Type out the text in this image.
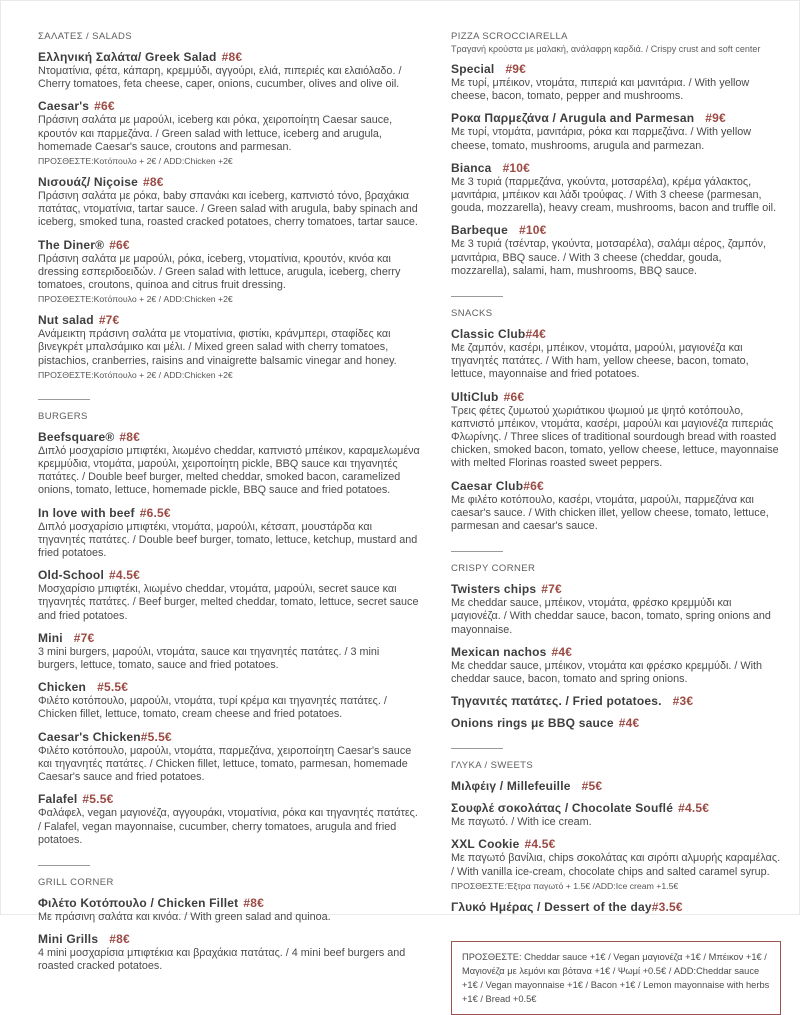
ΣΑΛΑΤΕΣ / SALADS
Ελληνική Σαλάτα/ Greek Salad #8€

Ντοματίνια, φέτα, κάπαρη, κρεμμύδι, αγγούρι, ελιά, πιπεριές και ελαιόλαδο. / Cherry tomatoes, feta cheese, caper, onions, cucumber, olives and olive oil.

Caesar's #6€

Πράσινη σαλάτα με μαρούλι, iceberg και ρόκα, χειροποίητη Caesar sauce, κρουτόν και παρμεζάνα. / Green salad with lettuce, iceberg and arugula, homemade Caesar's sauce, croutons and parmesan.

ΠΡΟΣΘΕΣΤΕ:Κοτόπουλο + 2€ / ADD:Chicken +2€

Νισουάζ/ Niçoise #8€

Πράσινη σαλάτα με ρόκα, baby σπανάκι και iceberg, καπνιστό τόνο, βραχάκια πατάτας, ντοματίνια, tartar sauce. / Green salad with arugula, baby spinach and iceberg, smoked tuna, roasted cracked potatoes, cherry tomatoes, tartar sauce.

The Diner® #6€

Πράσινη σαλάτα με μαρούλι, ρόκα, iceberg, ντοματίνια, κρουτόν, κινόα και dressing εσπεριδοειδών. / Green salad with lettuce, arugula, iceberg, cherry tomatoes, croutons, quinoa and citrus fruit dressing.

ΠΡΟΣΘΕΣΤΕ:Κοτόπουλο + 2€ / ADD:Chicken +2€

Nut salad #7€

Ανάμεικτη πράσινη σαλάτα με ντοματίνια, φιστίκι, κράνμπερι, σταφίδες και βινεγκρέτ μπαλσάμικο και μέλι. / Mixed green salad with cherry tomatoes, pistachios, cranberries, raisins and vinaigrette balsamic vinegar and honey.

ΠΡΟΣΘΕΣΤΕ:Κοτόπουλο + 2€ / ADD:Chicken +2€

BURGERS
Beefsquare® #8€

Διπλό μοσχαρίσιο μπιφτέκι, λιωμένο cheddar, καπνιστό μπέικον, καραμελωμένα κρεμμύδια, ντομάτα, μαρούλι, χειροποίητη pickle, BBQ sauce και τηγανητές πατάτες. / Double beef burger, melted cheddar, smoked bacon, caramelized onions, tomato, lettuce, homemade pickle, BBQ sauce and fried potatoes.

In love with beef #6.5€

Διπλό μοσχαρίσιο μπιφτέκι, ντομάτα, μαρούλι, κέτσαπ, μουστάρδα και τηγανητές πατάτες. / Double beef burger, tomato, lettuce, ketchup, mustard and fried potatoes.

Old-School #4.5€

Μοσχαρίσιο μπιφτέκι, λιωμένο cheddar, ντομάτα, μαρούλι, secret sauce και τηγανητές πατάτες. / Beef burger, melted cheddar, tomato, lettuce, secret sauce and fried potatoes.

Mini #7€

3 mini burgers, μαρούλι, ντομάτα, sauce και τηγανητές πατάτες. / 3 mini burgers, lettuce, tomato, sauce and fried potatoes.

Chicken #5.5€

Φιλέτο κοτόπουλο, μαρούλι, ντομάτα, τυρί κρέμα και τηγανητές πατάτες. / Chicken fillet, lettuce, tomato, cream cheese and fried potatoes.

Caesar's Chicken#5.5€

Φιλέτο κοτόπουλο, μαρούλι, ντομάτα, παρμεζάνα, χειροποίητη Caesar's sauce και τηγανητές πατάτες. / Chicken fillet, lettuce, tomato, parmesan, homemade Caesar's sauce and fried potatoes.

Falafel #5.5€

Φαλάφελ, vegan μαγιονέζα, αγγουράκι, ντοματίνια, ρόκα και τηγανητές πατάτες. / Falafel, vegan mayonnaise, cucumber, cherry tomatoes, arugula and fried potatoes.

GRILL CORNER
Φιλέτο Κοτόπουλο / Chicken Fillet #8€

Με πράσινη σαλάτα και κινόα. / With green salad and quinoa.

Mini Grills #8€

4 mini μοσχαρίσια μπιφτέκια και βραχάκια πατάτας. / 4 mini beef burgers and roasted cracked potatoes.

PIZZA SCROCCIARELLA
Τραγανή κρούστα με μαλακή, ανάλαφρη καρδιά. / Crispy crust and soft center
Special #9€

Με τυρί, μπέικον, ντομάτα, πιπεριά και μανιτάρια. / With yellow cheese, bacon, tomato, pepper and mushrooms.

Ροκα Παρμεζάνα / Arugula and Parmesan #9€

Με τυρί, ντομάτα, μανιτάρια, ρόκα και παρμεζάνα. / With yellow cheese, tomato, mushrooms, arugula and parmezan.

Bianca #10€

Με 3 τυριά (παρμεζάνα, γκούντα, μοτσαρέλα), κρέμα γάλακτος, μανιτάρια, μπέικον και λάδι τρούφας. / With 3 cheese (parmesan, gouda, mozzarella), heavy cream, mushrooms, bacon and truffle oil.

Barbeque #10€

Με 3 τυριά (τσένταρ, γκούντα, μοτσαρέλα), σαλάμι αέρος, ζαμπόν, μανιτάρια, BBQ sauce. / With 3 cheese (cheddar, gouda, mozzarella), salami, ham, mushrooms, BBQ sauce.

SNACKS
Classic Club#4€

Με ζαμπόν, κασέρι, μπέικον, ντομάτα, μαρούλι, μαγιονέζα και τηγανητές πατάτες. / With ham, yellow cheese, bacon, tomato, lettuce, mayonnaise and fried potatoes.

UltiClub #6€

Τρεις φέτες ζυμωτού χωριάτικου ψωμιού με ψητό κοτόπουλο, καπνιστό μπέικον, ντομάτα, κασέρι, μαρούλι και μαγιονέζα πιπεριάς Φλωρίνης. / Three slices of traditional sourdough bread with roasted chicken, smoked bacon, tomato, yellow cheese, lettuce, mayonnaise with melted Florinas roasted sweet peppers.

Caesar Club#6€

Με φιλέτο κοτόπουλο, κασέρι, ντομάτα, μαρούλι, παρμεζάνα και caesar's sauce. / With chicken illet, yellow cheese, tomato, lettuce, parmesan and caesar's sauce.

CRISPY CORNER
Twisters chips #7€

Με cheddar sauce, μπέικον, ντομάτα, φρέσκο κρεμμύδι και μαγιονέζα. / With cheddar sauce, bacon, tomato, spring onions and mayonnaise.

Mexican nachos #4€

Με cheddar sauce, μπέικον, ντομάτα και φρέσκο κρεμμύδι. / With cheddar sauce, bacon, tomato and spring onions.

Τηγανιτές πατάτες. / Fried potatoes. #3€
Onions rings με BBQ sauce #4€
ΓΛΥΚΑ / SWEETS
Μιλφέιγ / Millefeuille #5€
Σουφλέ σοκολάτας / Chocolate Souflé #4.5€

Με παγωτό. / With ice cream.

XXL Cookie #4.5€

Με παγωτό βανίλια, chips σοκολάτας και σιρόπι αλμυρής καραμέλας. / With vanilla ice-cream, chocolate chips and salted caramel syrup.

ΠΡΟΣΘΕΣΤΕ:Έξτρα παγωτό + 1.5€ /ADD:Ice cream +1.5€

Γλυκό Ημέρας / Dessert of the day#3.5€
ΠΡΟΣΘΕΣΤΕ: Cheddar sauce +1€ / Vegan μαγιονέζα +1€ / Μπέικον +1€ / Μαγιονέζα με λεμόνι και βότανα +1€ / Ψωμί +0.5€ / ADD:Cheddar sauce +1€ / Vegan mayonnaise +1€ / Bacon +1€ / Lemon mayonnaise with herbs +1€ / Bread +0.5€
